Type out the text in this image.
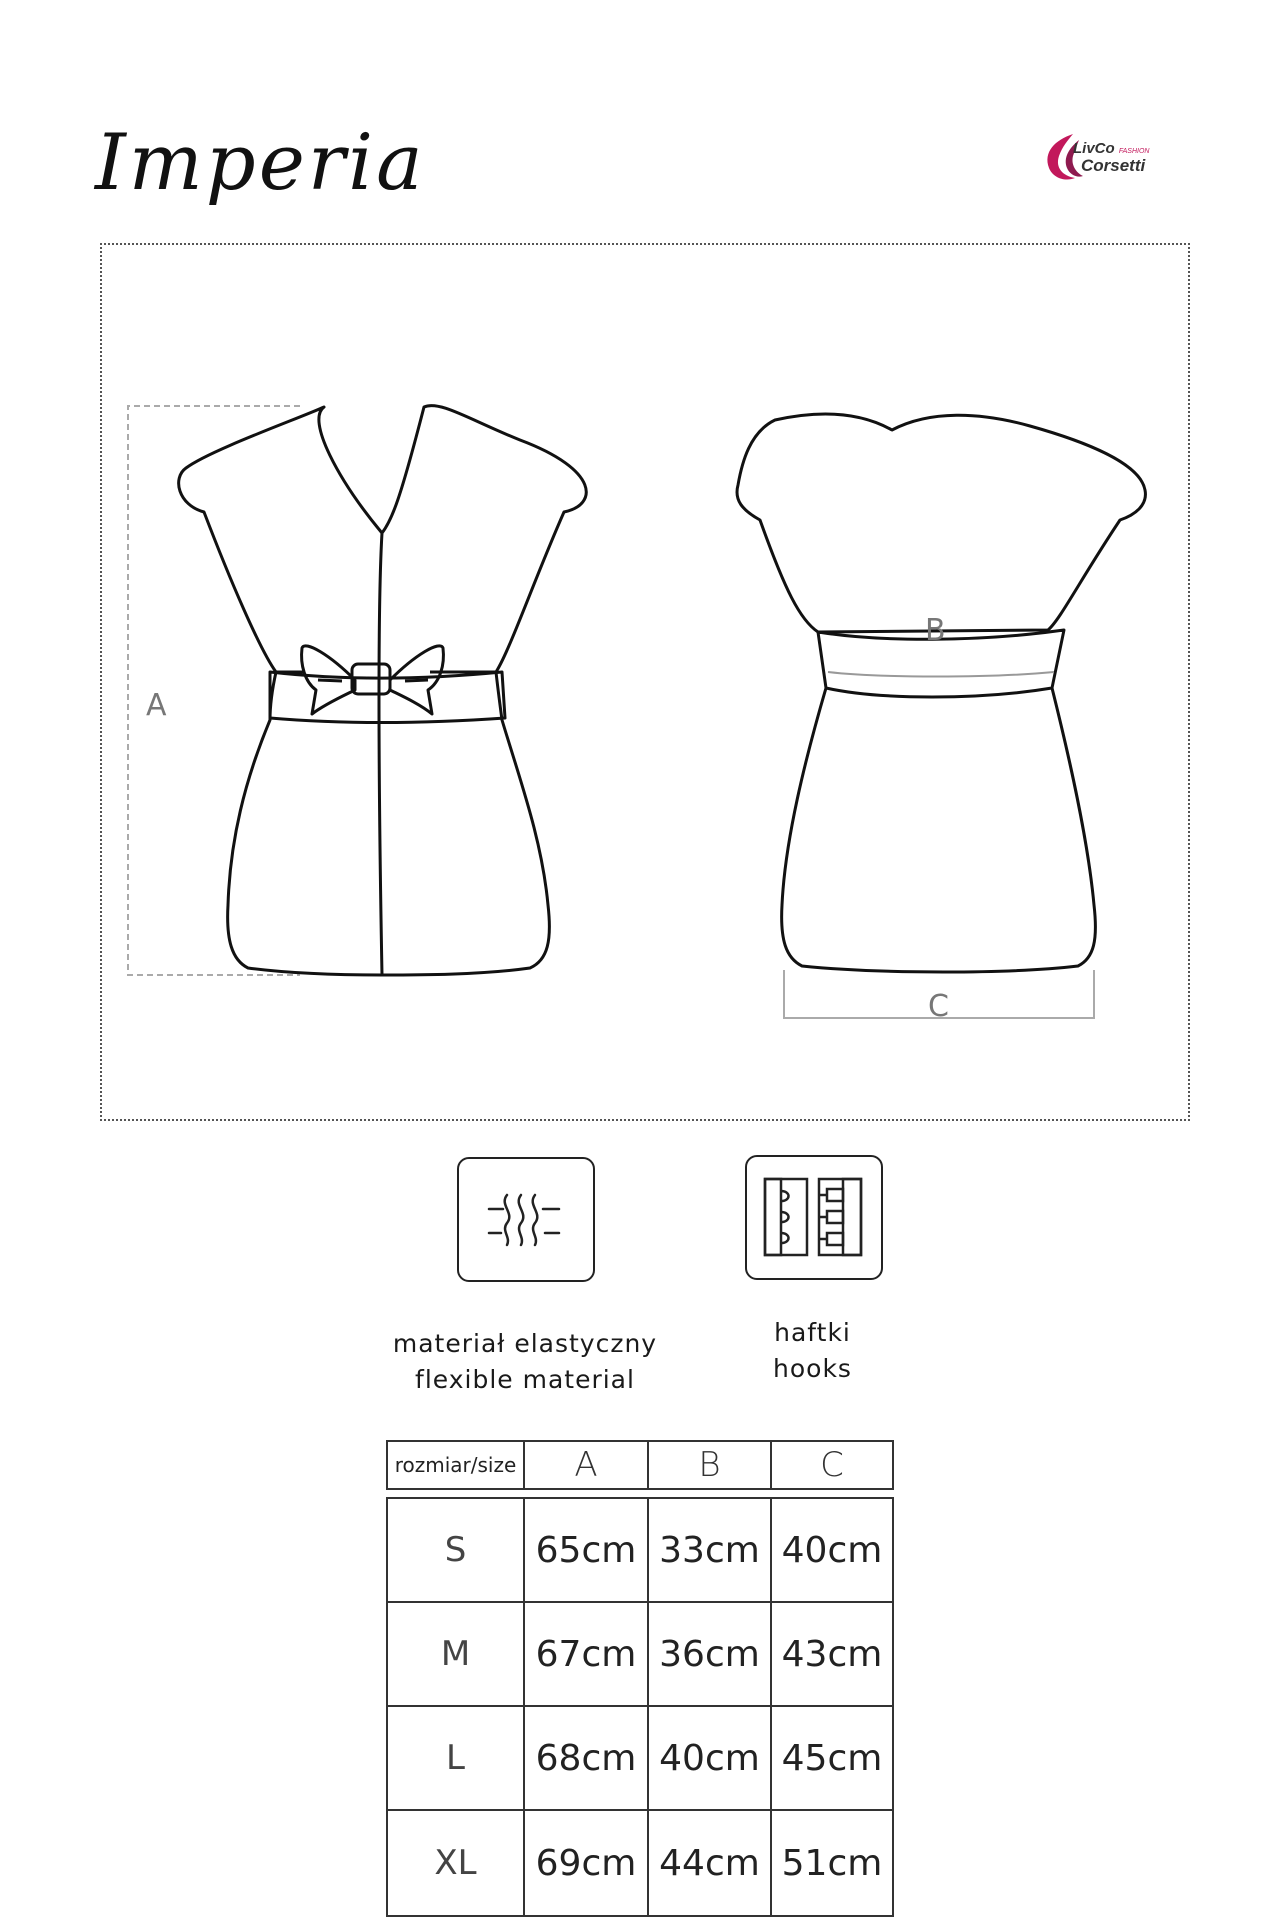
Imperia	LivCo FASHION
Corsetti
A
B
C
materiał elastyczny
flexible material
haftki
hooks
rozmiar/size	A	B	C
S	65cm 33cm 40cm
M	67cm 36cm 43cm
L	68cm 40cm 45cm
XL	69cm 44cm 51cm
